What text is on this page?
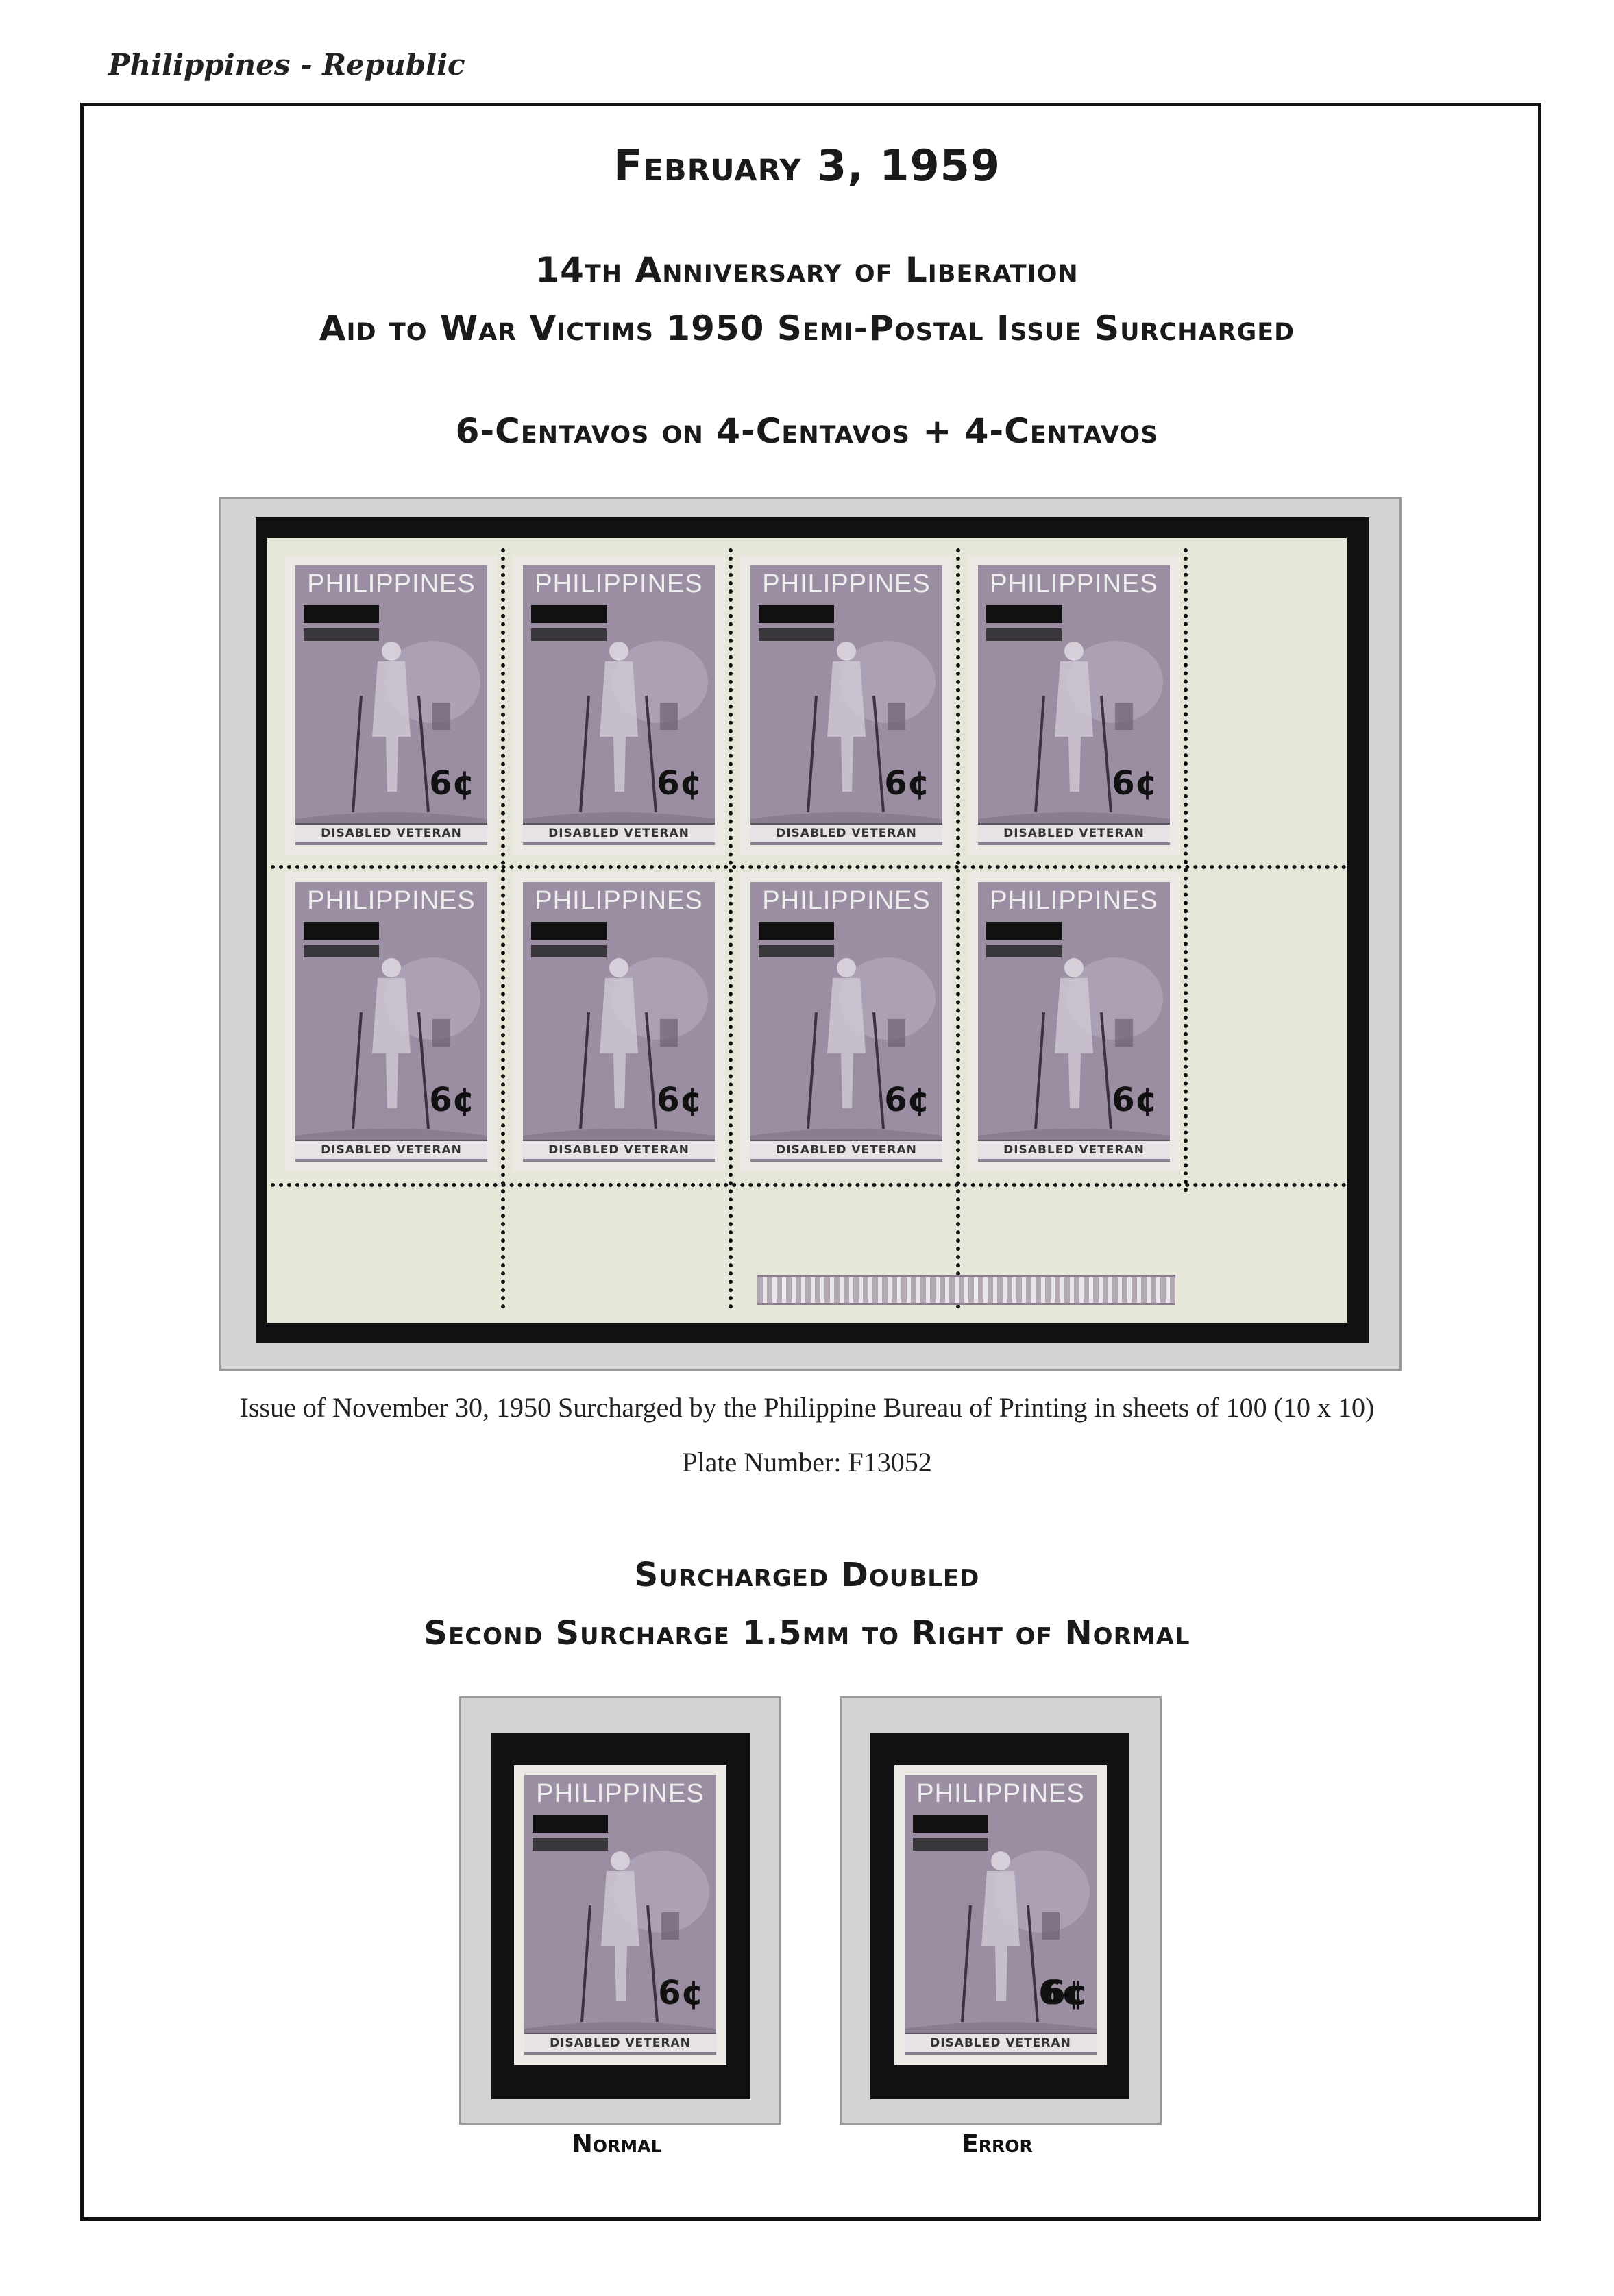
Philippines - Republic
February 3, 1959
14th Anniversary of Liberation
Aid to War Victims 1950 Semi-Postal Issue Surcharged
6-Centavos on 4-Centavos + 4-Centavos
PHILIPPINES
6¢
DISABLED VETERAN
PHILIPPINES
6¢
DISABLED VETERAN
PHILIPPINES
6¢
DISABLED VETERAN
PHILIPPINES
6¢
DISABLED VETERAN
PHILIPPINES
6¢
DISABLED VETERAN
PHILIPPINES
6¢
DISABLED VETERAN
PHILIPPINES
6¢
DISABLED VETERAN
PHILIPPINES
6¢
DISABLED VETERAN
Issue of November 30, 1950 Surcharged by the Philippine Bureau of Printing in sheets of 100 (10 x 10)
Plate Number: F13052
Surcharged Doubled
Second Surcharge 1.5mm to Right of Normal
PHILIPPINES
6¢
DISABLED VETERAN
PHILIPPINES
6¢
DISABLED VETERAN
Normal	Error
